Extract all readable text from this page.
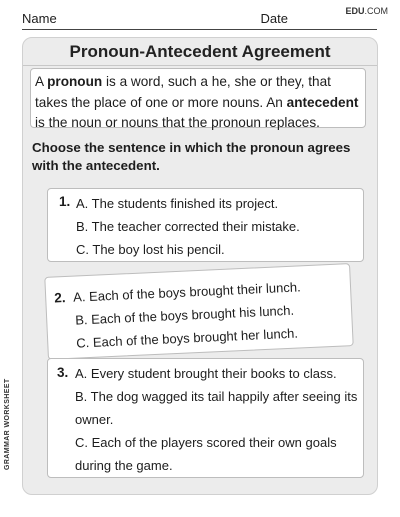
EDU.COM
Name	Date
Pronoun-Antecedent Agreement
A pronoun is a word, such a he, she or they, that takes the place of one or more nouns. An antecedent is the noun or nouns that the pronoun replaces.
Choose the sentence in which the pronoun agrees with the antecedent.
1. A. The students finished its project.
B. The teacher corrected their mistake.
C. The boy lost his pencil.
2. A. Each of the boys brought their lunch.
B. Each of the boys brought his lunch.
C. Each of the boys brought her lunch.
3. A. Every student brought their books to class.
B. The dog wagged its tail happily after seeing its
owner.
C. Each of the players scored their own goals
during the game.
GRAMMAR WORKSHEET
